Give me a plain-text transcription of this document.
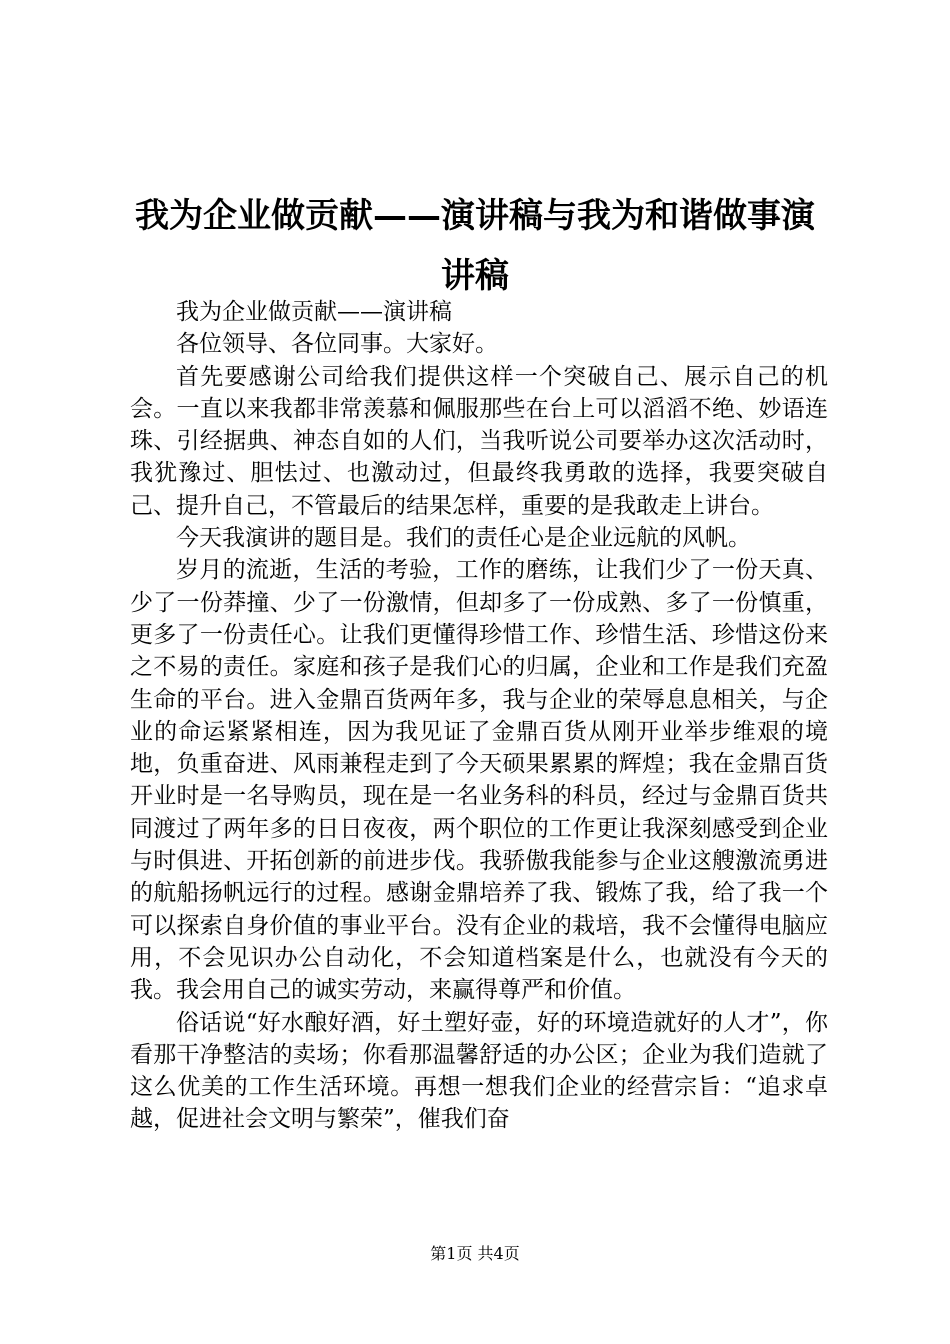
我为企业做贡献——演讲稿与我为和谐做事演讲稿

我为企业做贡献——演讲稿

各位领导、各位同事。大家好。

首先要感谢公司给我们提供这样一个突破自己、展示自己的机会。一直以来我都非常羡慕和佩服那些在台上可以滔滔不绝、妙语连珠、引经据典、神态自如的人们，当我听说公司要举办这次活动时，我犹豫过、胆怯过、也激动过，但最终我勇敢的选择，我要突破自己、提升自己，不管最后的结果怎样，重要的是我敢走上讲台。

今天我演讲的题目是。我们的责任心是企业远航的风帆。

岁月的流逝，生活的考验，工作的磨练，让我们少了一份天真、少了一份莽撞、少了一份激情，但却多了一份成熟、多了一份慎重，更多了一份责任心。让我们更懂得珍惜工作、珍惜生活、珍惜这份来之不易的责任。家庭和孩子是我们心的归属，企业和工作是我们充盈生命的平台。进入金鼎百货两年多，我与企业的荣辱息息相关，与企业的命运紧紧相连，因为我见证了金鼎百货从刚开业举步维艰的境地，负重奋进、风雨兼程走到了今天硕果累累的辉煌；我在金鼎百货开业时是一名导购员，现在是一名业务科的科员，经过与金鼎百货共同渡过了两年多的日日夜夜，两个职位的工作更让我深刻感受到企业与时俱进、开拓创新的前进步伐。我骄傲我能参与企业这艘激流勇进的航船扬帆远行的过程。感谢金鼎培养了我、锻炼了我，给了我一个可以探索自身价值的事业平台。没有企业的栽培，我不会懂得电脑应用，不会见识办公自动化，不会知道档案是什么，也就没有今天的我。我会用自己的诚实劳动，来赢得尊严和价值。

俗话说“好水酿好酒，好土塑好壶，好的环境造就好的人才”，你看那干净整洁的卖场；你看那温馨舒适的办公区；企业为我们造就了这么优美的工作生活环境。再想一想我们企业的经营宗旨：“追求卓越，促进社会文明与繁荣”，催我们奋

第1页 共4页
